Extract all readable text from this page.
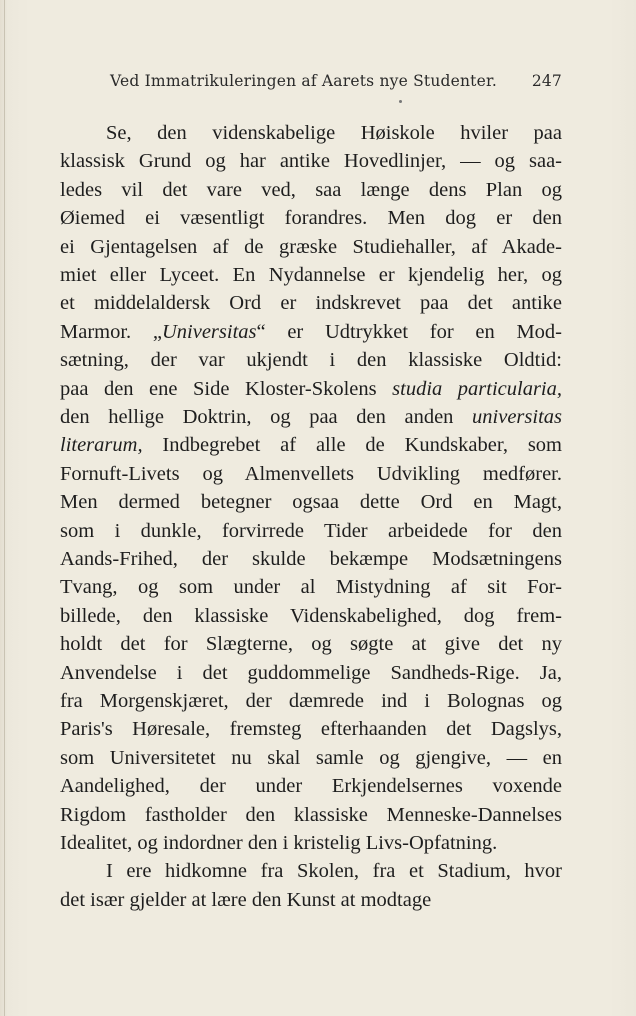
Ved Immatrikuleringen af Aarets nye Studenter. 247
Se, den videnskabelige Høiskole hviler paa
klassisk Grund og har antike Hovedlinjer, — og saa-
ledes vil det vare ved, saa længe dens Plan og
Øiemed ei væsentligt forandres. Men dog er den
ei Gjentagelsen af de græske Studiehaller, af Akade-
miet eller Lyceet. En Nydannelse er kjendelig her, og
et middelaldersk Ord er indskrevet paa det antike
Marmor. „Universitas“ er Udtrykket for en Mod-
sætning, der var ukjendt i den klassiske Oldtid:
paa den ene Side Kloster-Skolens studia particularia,
den hellige Doktrin, og paa den anden universitas
literarum, Indbegrebet af alle de Kundskaber, som
Fornuft-Livets og Almenvellets Udvikling medfører.
Men dermed betegner ogsaa dette Ord en Magt,
som i dunkle, forvirrede Tider arbeidede for den
Aands-Frihed, der skulde bekæmpe Modsætningens
Tvang, og som under al Mistydning af sit For-
billede, den klassiske Videnskabelighed, dog frem-
holdt det for Slægterne, og søgte at give det ny
Anvendelse i det guddommelige Sandheds-Rige. Ja,
fra Morgenskjæret, der dæmrede ind i Bolognas og
Paris's Høresale, fremsteg efterhaanden det Dagslys,
som Universitetet nu skal samle og gjengive, — en
Aandelighed, der under Erkjendelsernes voxende
Rigdom fastholder den klassiske Menneske-Dannelses
Idealitet, og indordner den i kristelig Livs-Opfatning.
I ere hidkomne fra Skolen, fra et Stadium, hvor
det især gjelder at lære den Kunst at modtage
